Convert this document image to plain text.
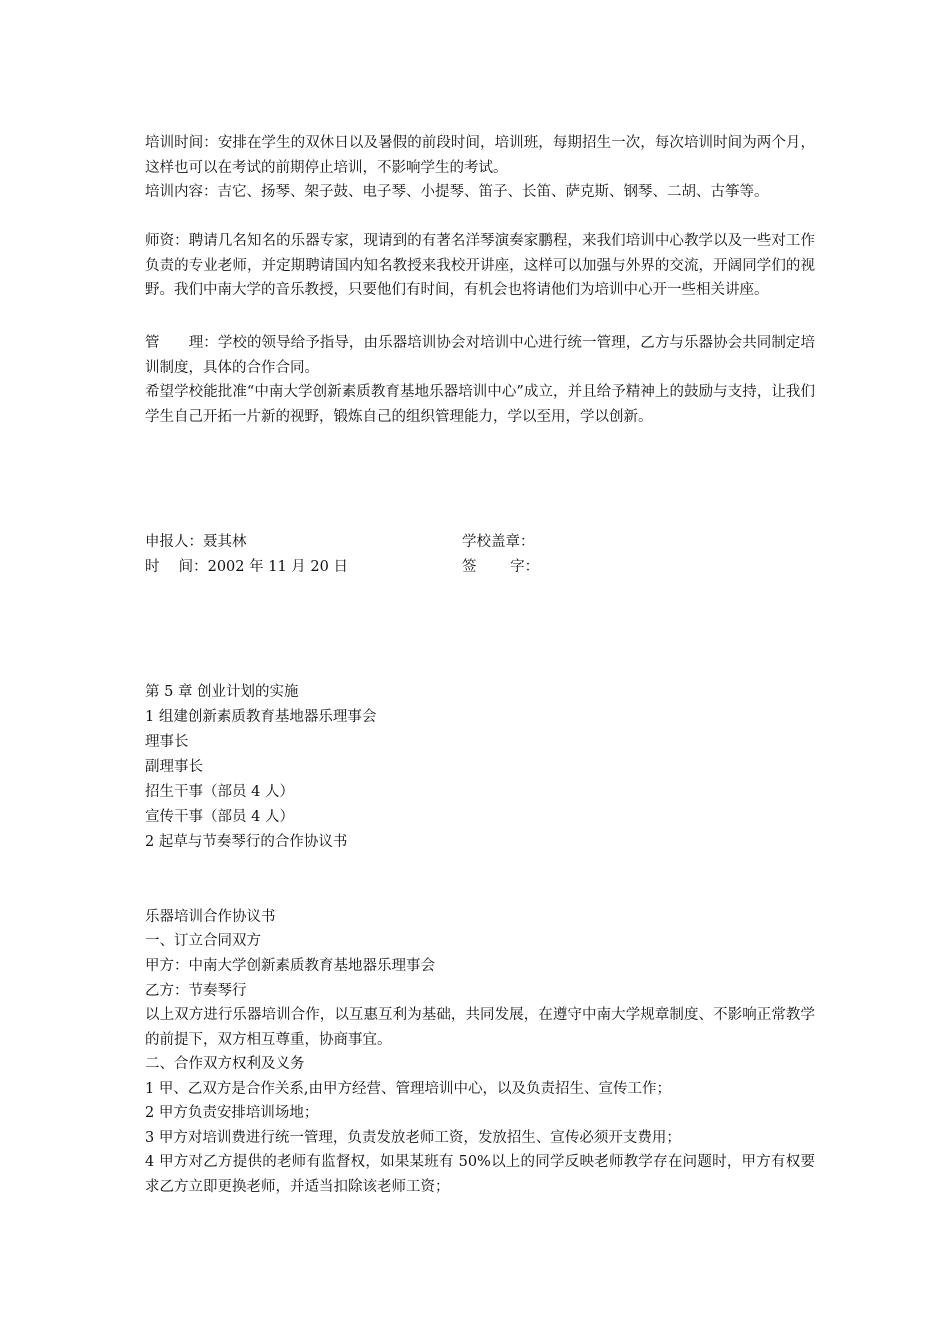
培训时间：安排在学生的双休日以及暑假的前段时间，培训班，每期招生一次，每次培训时间为两个月，这样也可以在考试的前期停止培训，不影响学生的考试。

培训内容：吉它、扬琴、架子鼓、电子琴、小提琴、笛子、长笛、萨克斯、钢琴、二胡、古筝等。

师资：聘请几名知名的乐器专家，现请到的有著名洋琴演奏家鹏程，来我们培训中心教学以及一些对工作负责的专业老师，并定期聘请国内知名教授来我校开讲座，这样可以加强与外界的交流，开阔同学们的视野。我们中南大学的音乐教授，只要他们有时间，有机会也将请他们为培训中心开一些相关讲座。

管　　理：学校的领导给予指导，由乐器培训协会对培训中心进行统一管理，乙方与乐器协会共同制定培训制度，具体的合作合同。

希望学校能批准“中南大学创新素质教育基地乐器培训中心”成立，并且给予精神上的鼓励与支持，让我们学生自己开拓一片新的视野，锻炼自己的组织管理能力，学以至用，学以创新。

申报人：聂其林	学校盖章：

时　 间：2002 年 11 月 20 日	签　　 字：

第 5 章 创业计划的实施

1 组建创新素质教育基地器乐理事会

理事长

副理事长

招生干事（部员 4 人）

宣传干事（部员 4 人）

2 起草与节奏琴行的合作协议书

乐器培训合作协议书

一、订立合同双方

甲方：中南大学创新素质教育基地器乐理事会

乙方：节奏琴行

以上双方进行乐器培训合作，以互惠互利为基础，共同发展，在遵守中南大学规章制度、不影响正常教学的前提下，双方相互尊重，协商事宜。

二、合作双方权利及义务

1 甲、乙双方是合作关系,由甲方经营、管理培训中心，以及负责招生、宣传工作；

2 甲方负责安排培训场地；

3 甲方对培训费进行统一管理，负责发放老师工资，发放招生、宣传必须开支费用；

4 甲方对乙方提供的老师有监督权，如果某班有 50%以上的同学反映老师教学存在问题时，甲方有权要求乙方立即更换老师，并适当扣除该老师工资；
